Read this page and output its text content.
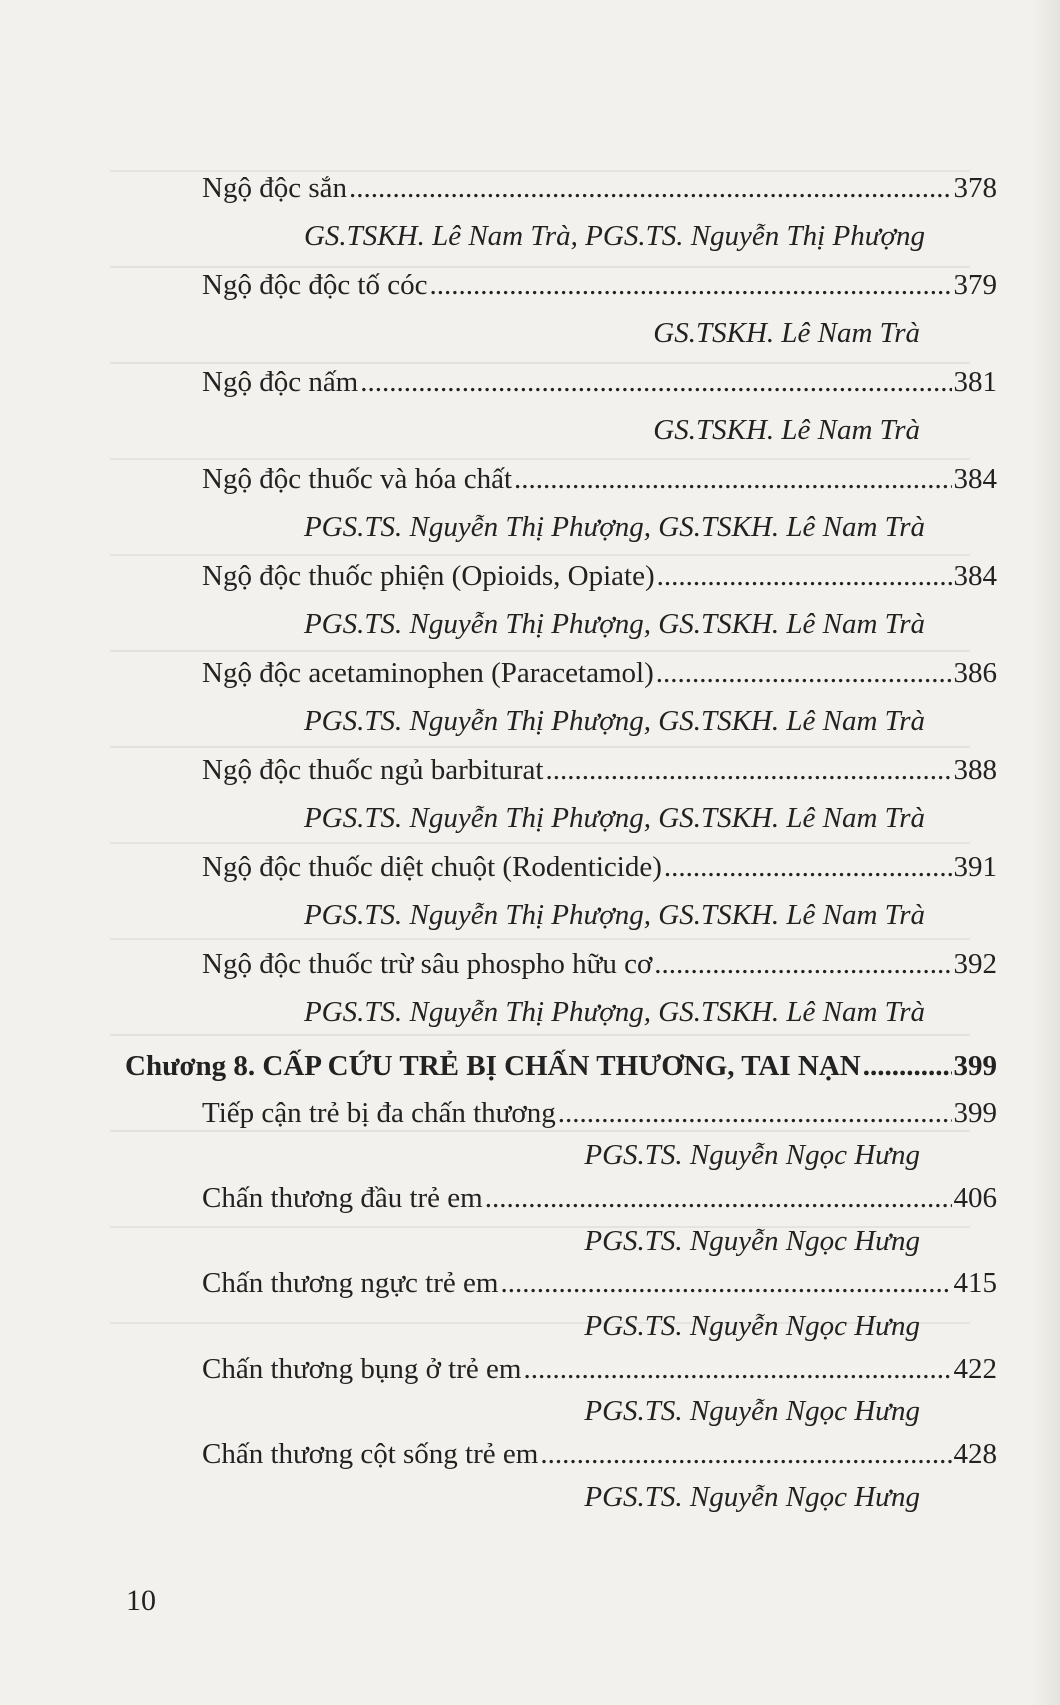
Ngộ độc sắn .....	378
GS.TSKH. Lê Nam Trà, PGS.TS. Nguyễn Thị Phượng
Ngộ độc độc tố cóc .....	379
GS.TSKH. Lê Nam Trà
Ngộ độc nấm .....	381
GS.TSKH. Lê Nam Trà
Ngộ độc thuốc và hóa chất .....	384
PGS.TS. Nguyễn Thị Phượng, GS.TSKH. Lê Nam Trà
Ngộ độc thuốc phiện (Opioids, Opiate) .....	384
PGS.TS. Nguyễn Thị Phượng, GS.TSKH. Lê Nam Trà
Ngộ độc acetaminophen (Paracetamol) .....	386
PGS.TS. Nguyễn Thị Phượng, GS.TSKH. Lê Nam Trà
Ngộ độc thuốc ngủ barbiturat .....	388
PGS.TS. Nguyễn Thị Phượng, GS.TSKH. Lê Nam Trà
Ngộ độc thuốc diệt chuột (Rodenticide) .....	391
PGS.TS. Nguyễn Thị Phượng, GS.TSKH. Lê Nam Trà
Ngộ độc thuốc trừ sâu phospho hữu cơ .....	392
PGS.TS. Nguyễn Thị Phượng, GS.TSKH. Lê Nam Trà
Chương 8. CẤP CỨU TRẺ BỊ CHẤN THƯƠNG, TAI NẠN .....	399
Tiếp cận trẻ bị đa chấn thương .....	399
PGS.TS. Nguyễn Ngọc Hưng
Chấn thương đầu trẻ em .....	406
PGS.TS. Nguyễn Ngọc Hưng
Chấn thương ngực trẻ em .....	415
PGS.TS. Nguyễn Ngọc Hưng
Chấn thương bụng ở trẻ em .....	422
PGS.TS. Nguyễn Ngọc Hưng
Chấn thương cột sống trẻ em .....	428
PGS.TS. Nguyễn Ngọc Hưng
10
